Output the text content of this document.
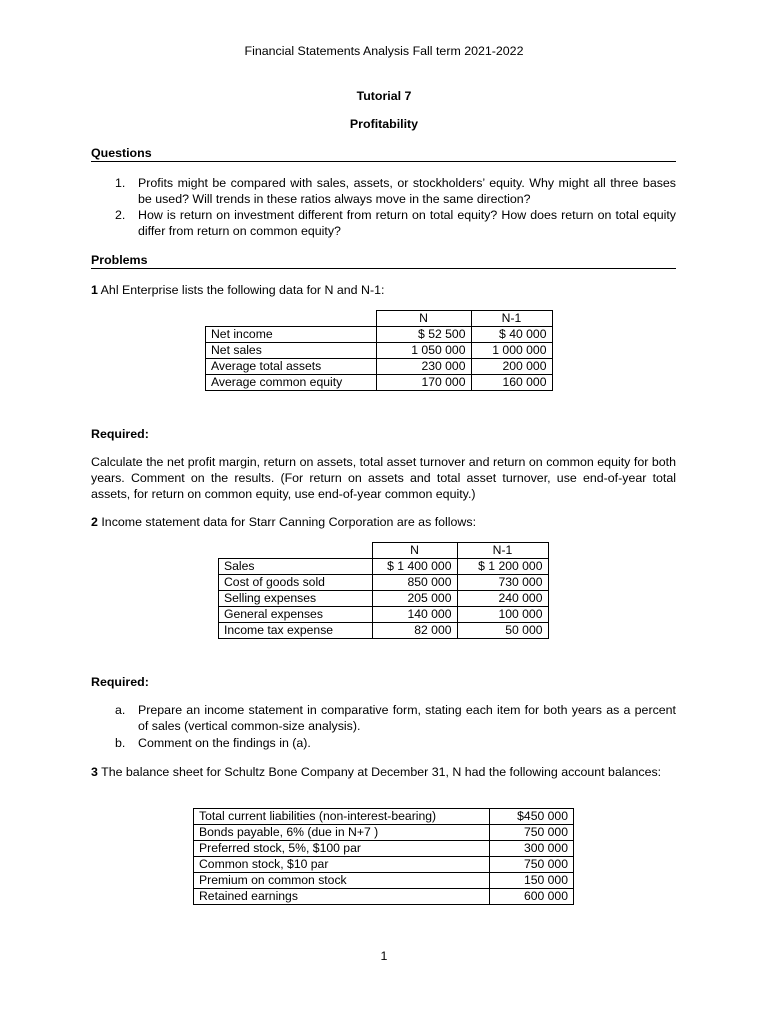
Financial Statements Analysis Fall term 2021-2022
Tutorial 7
Profitability
Questions
1.	Profits might be compared with sales, assets, or stockholders’ equity. Why might all three bases be used? Will trends in these ratios always move in the same direction?
2.	How is return on investment different from return on total equity? How does return on total equity differ from return on common equity?
Problems
1 Ahl Enterprise lists the following data for N and N-1:
	N	N-1
Net income	$ 52 500	$ 40 000
Net sales	1 050 000	1 000 000
Average total assets	230 000	200 000
Average common equity	170 000	160 000
Required:
Calculate the net profit margin, return on assets, total asset turnover and return on common equity for both years. Comment on the results. (For return on assets and total asset turnover, use end-of-year total assets, for return on common equity, use end-of-year common equity.)
2 Income statement data for Starr Canning Corporation are as follows:
	N	N-1
Sales	$ 1 400 000	$ 1 200 000
Cost of goods sold	850 000	730 000
Selling expenses	205 000	240 000
General expenses	140 000	100 000
Income tax expense	82 000	50 000
Required:
a.	Prepare an income statement in comparative form, stating each item for both years as a percent of sales (vertical common-size analysis).
b.	Comment on the findings in (a).
3 The balance sheet for Schultz Bone Company at December 31, N had the following account balances:
Total current liabilities (non-interest-bearing)	$450 000
Bonds payable, 6% (due in N+7 )	750 000
Preferred stock, 5%, $100 par	300 000
Common stock, $10 par	750 000
Premium on common stock	150 000
Retained earnings	600 000
1
